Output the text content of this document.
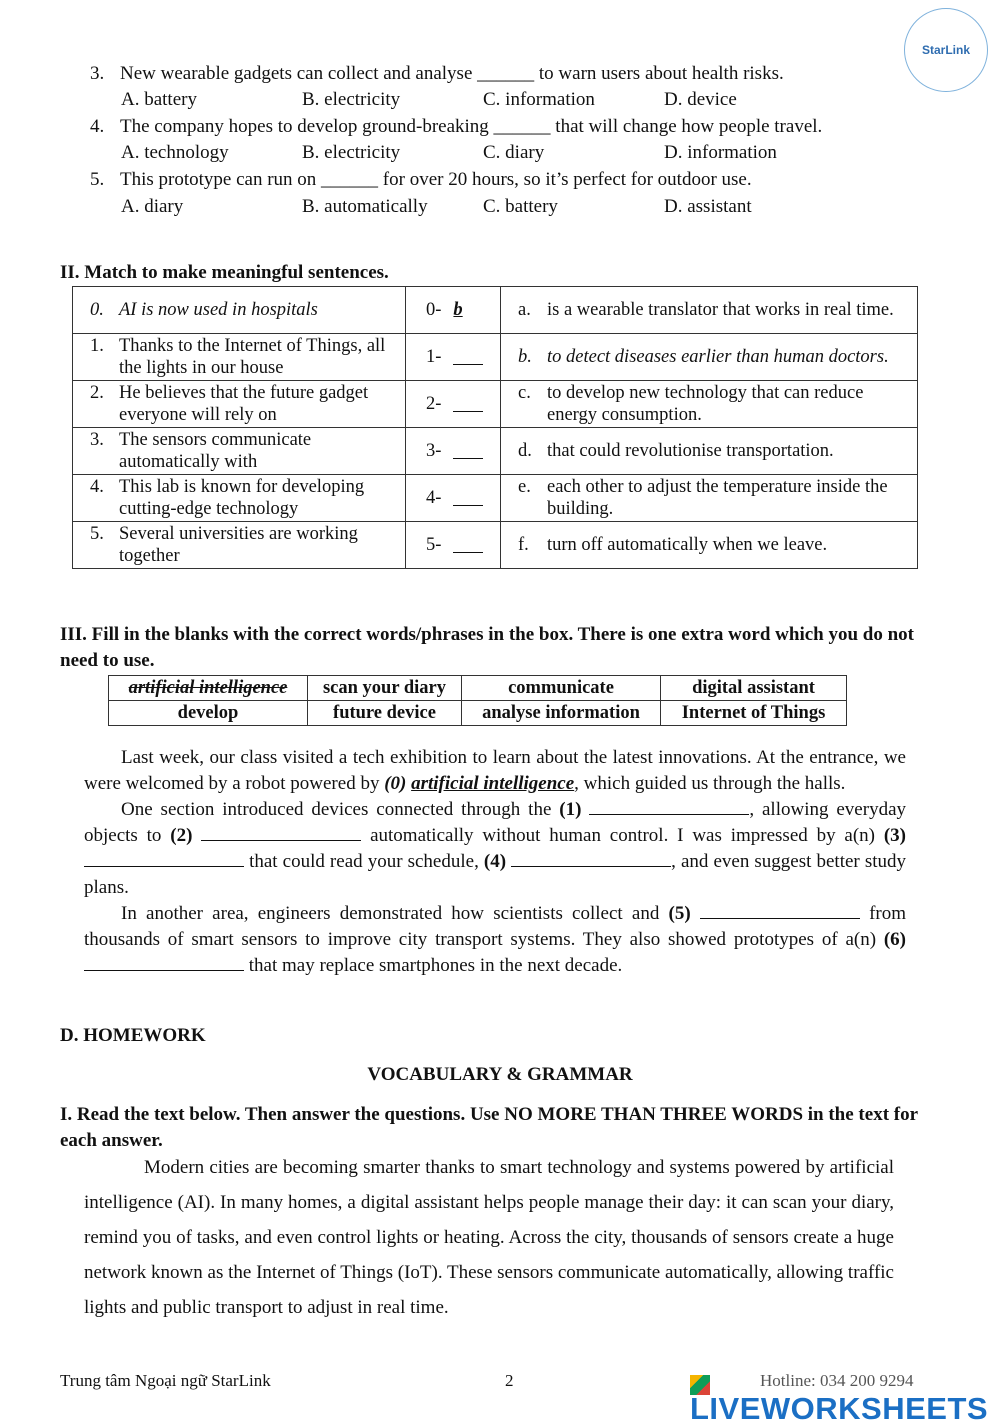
StarLink
3. New wearable gadgets can collect and analyse ______ to warn users about health risks.
A. battery	B. electricity	C. information	D. device
4. The company hopes to develop ground-breaking ______ that will change how people travel.
A. technology	B. electricity	C. diary	D. information
5. This prototype can run on ______ for over 20 hours, so it’s perfect for outdoor use.
A. diary	B. automatically	C. battery	D. assistant
II. Match to make meaningful sentences.
0. AI is now used in hospitals	0- b	a. is a wearable translator that works in real time.

1. Thanks to the Internet of Things, all the lights in our house	1-	b. to detect diseases earlier than human doctors.

2. He believes that the future gadget everyone will rely on	2-	c. to develop new technology that can reduce energy consumption.

3. The sensors communicate automatically with	3-	d. that could revolutionise transportation.

4. This lab is known for developing cutting-edge technology	4-	e. each other to adjust the temperature inside the building.

5. Several universities are working together	5-	f. turn off automatically when we leave.
III. Fill in the blanks with the correct words/phrases in the box. There is one extra word which you do not need to use.
artificial intelligence	scan your diary	communicate	digital assistant
develop	future device	analyse information	Internet of Things

Last week, our class visited a tech exhibition to learn about the latest innovations. At the entrance, we were welcomed by a robot powered by (0) artificial intelligence, which guided us through the halls.

One section introduced devices connected through the (1)	, allowing everyday objects to (2)	automatically without human control. I was impressed by a(n) (3)  that could read your schedule, (4)	, and even suggest better study plans.

In another area, engineers demonstrated how scientists collect and (5)	from thousands of smart sensors to improve city transport systems. They also showed prototypes of a(n) (6)  that may replace smartphones in the next decade.

D. HOMEWORK
VOCABULARY & GRAMMAR
I. Read the text below. Then answer the questions. Use NO MORE THAN THREE WORDS in the text for each answer.

Modern cities are becoming smarter thanks to smart technology and systems powered by artificial intelligence (AI). In many homes, a digital assistant helps people manage their day: it can scan your diary, remind you of tasks, and even control lights or heating. Across the city, thousands of sensors create a huge network known as the Internet of Things (IoT). These sensors communicate automatically, allowing traffic lights and public transport to adjust in real time.

Trung tâm Ngoại ngữ StarLink	2	Hotline: 034 200 9294
LIVEWORKSHEETS
